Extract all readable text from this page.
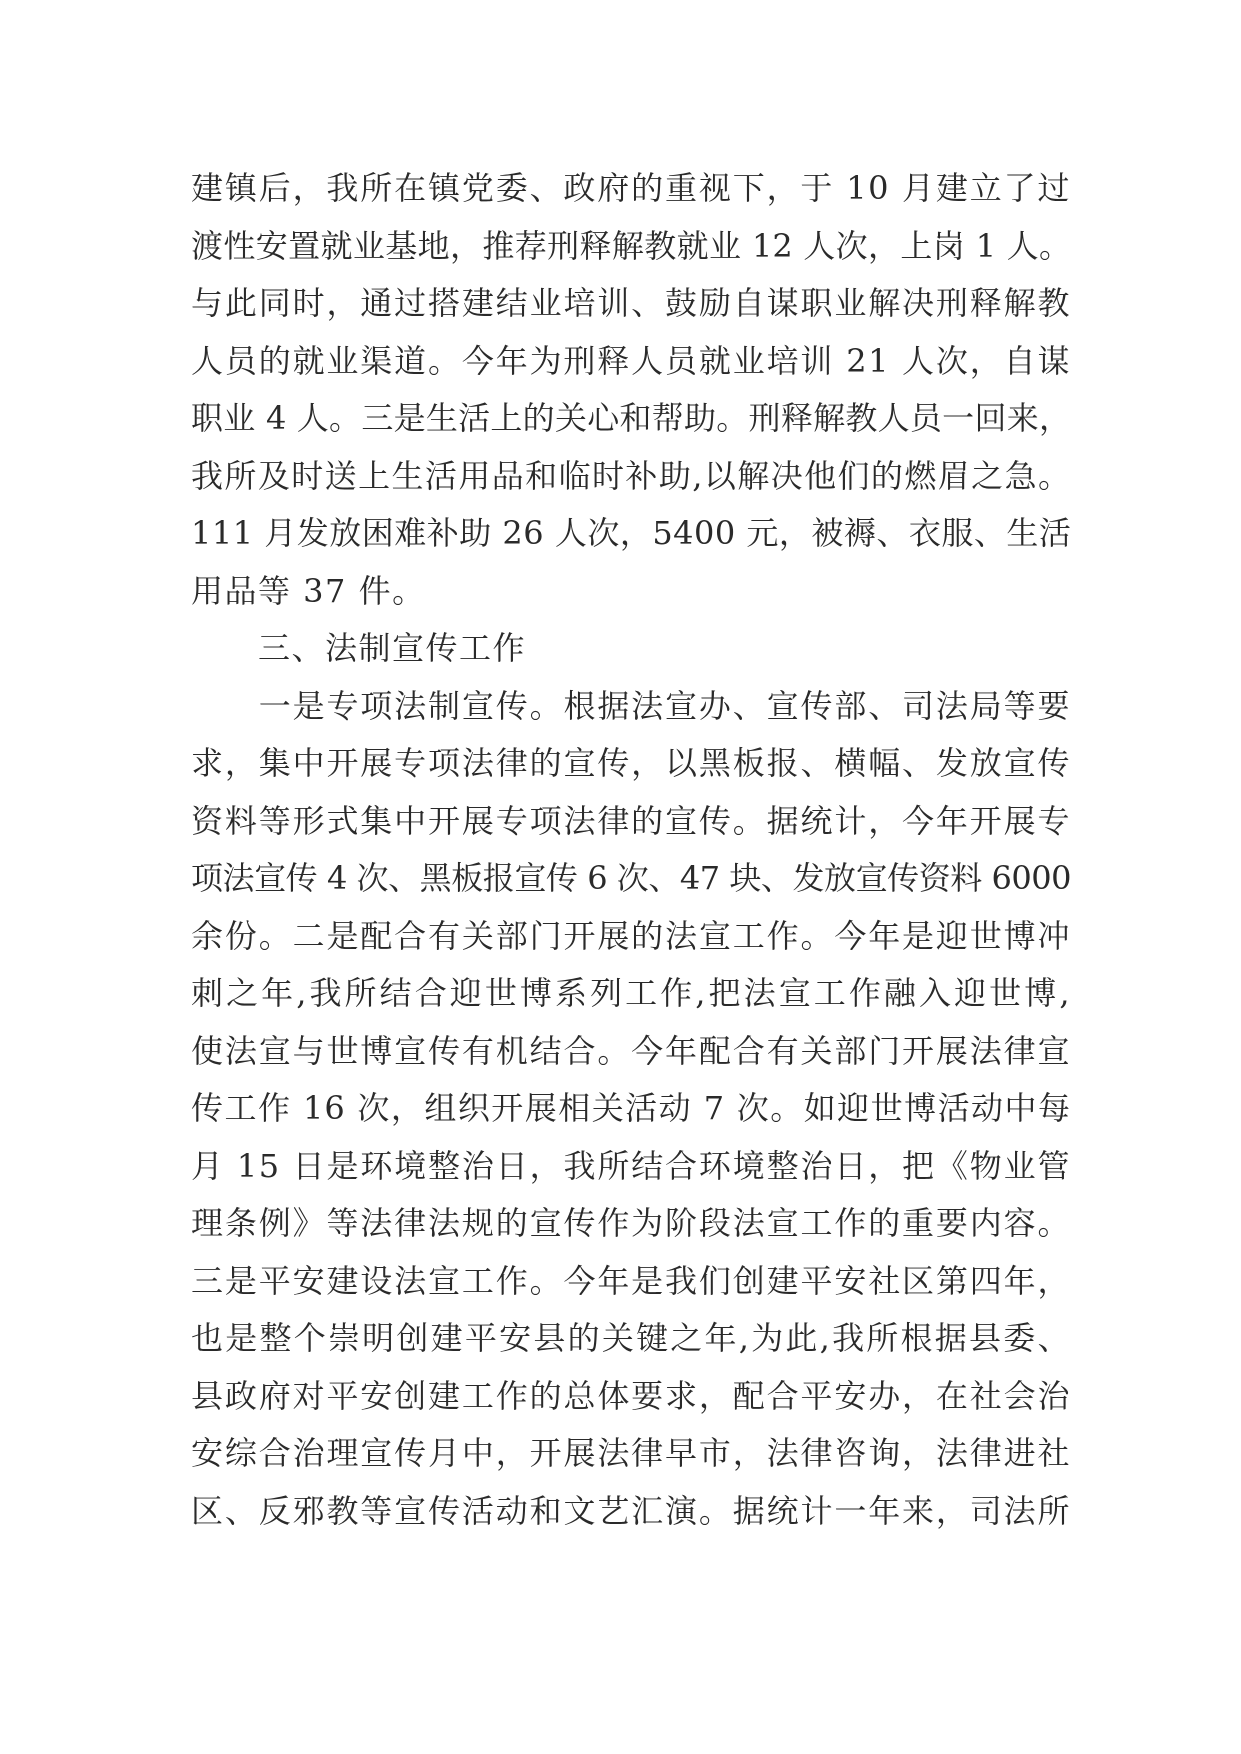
建镇后，我所在镇党委、政府的重视下，于 10 月建立了过
渡性安置就业基地，推荐刑释解教就业 12 人次，上岗 1 人。
与此同时，通过搭建结业培训、鼓励自谋职业解决刑释解教
人员的就业渠道。今年为刑释人员就业培训 21 人次，自谋
职业 4 人。三是生活上的关心和帮助。刑释解教人员一回来，
我所及时送上生活用品和临时补助,以解决他们的燃眉之急。
111 月发放困难补助 26 人次，5400 元，被褥、衣服、生活
用品等 37 件。
　　三、法制宣传工作
　　一是专项法制宣传。根据法宣办、宣传部、司法局等要
求，集中开展专项法律的宣传，以黑板报、横幅、发放宣传
资料等形式集中开展专项法律的宣传。据统计，今年开展专
项法宣传 4 次、黑板报宣传 6 次、47 块、发放宣传资料 6000
余份。二是配合有关部门开展的法宣工作。今年是迎世博冲
刺之年,我所结合迎世博系列工作,把法宣工作融入迎世博,
使法宣与世博宣传有机结合。今年配合有关部门开展法律宣
传工作 16 次，组织开展相关活动 7 次。如迎世博活动中每
月 15 日是环境整治日，我所结合环境整治日，把《物业管
理条例》等法律法规的宣传作为阶段法宣工作的重要内容。
三是平安建设法宣工作。今年是我们创建平安社区第四年，
也是整个崇明创建平安县的关键之年,为此,我所根据县委、
县政府对平安创建工作的总体要求，配合平安办，在社会治
安综合治理宣传月中，开展法律早市，法律咨询，法律进社
区、反邪教等宣传活动和文艺汇演。据统计一年来，司法所
